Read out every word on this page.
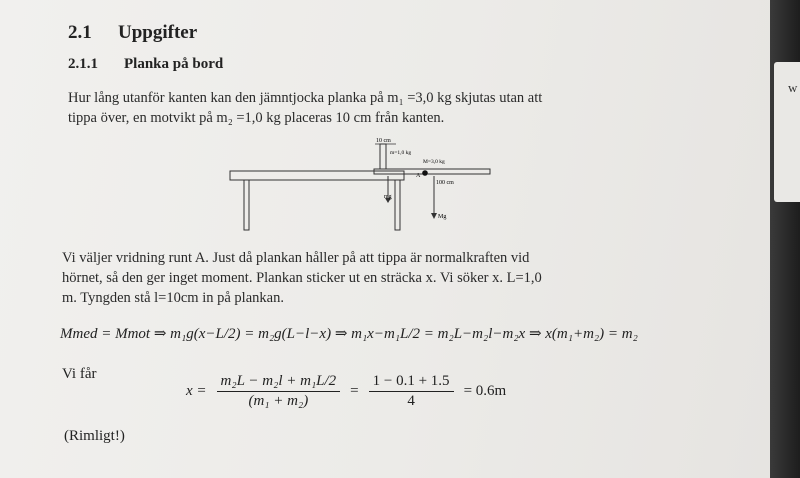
2.1 Uppgifter
2.1.1 Planka på bord
Hur lång utanför kanten kan den jämntjocka planka på m₁ =3,0 kg skjutas utan att
tippa över, en motvikt på m₂ =1,0 kg placeras 10 cm från kanten.
10 cm
m=1,0 kg
M=3,0 kg
A
100 cm
mg
Mg
Vi väljer vridning runt A. Just då plankan håller på att tippa är normalkraften vid
hörnet, så den ger inget moment. Plankan sticker ut en sträcka x. Vi söker x. L=1,0
m. Tyngden stå l=10cm in på plankan.
Mmed = Mmot ⇒ m₁g(x−L/2) = m₂g(L−l−x) ⇒ m₁x−m₁L/2 = m₂L−m₂l−m₂x ⇒ x(m₁+m₂) = m₂
Vi får
$x = \frac{\text{m₂L − m₂l + m₁L/2}}{\text{(m₁ + m₂)}} = \frac{1 - 0.1 + 1.5}{4} = 0.6m$
(Rimligt!)
w
